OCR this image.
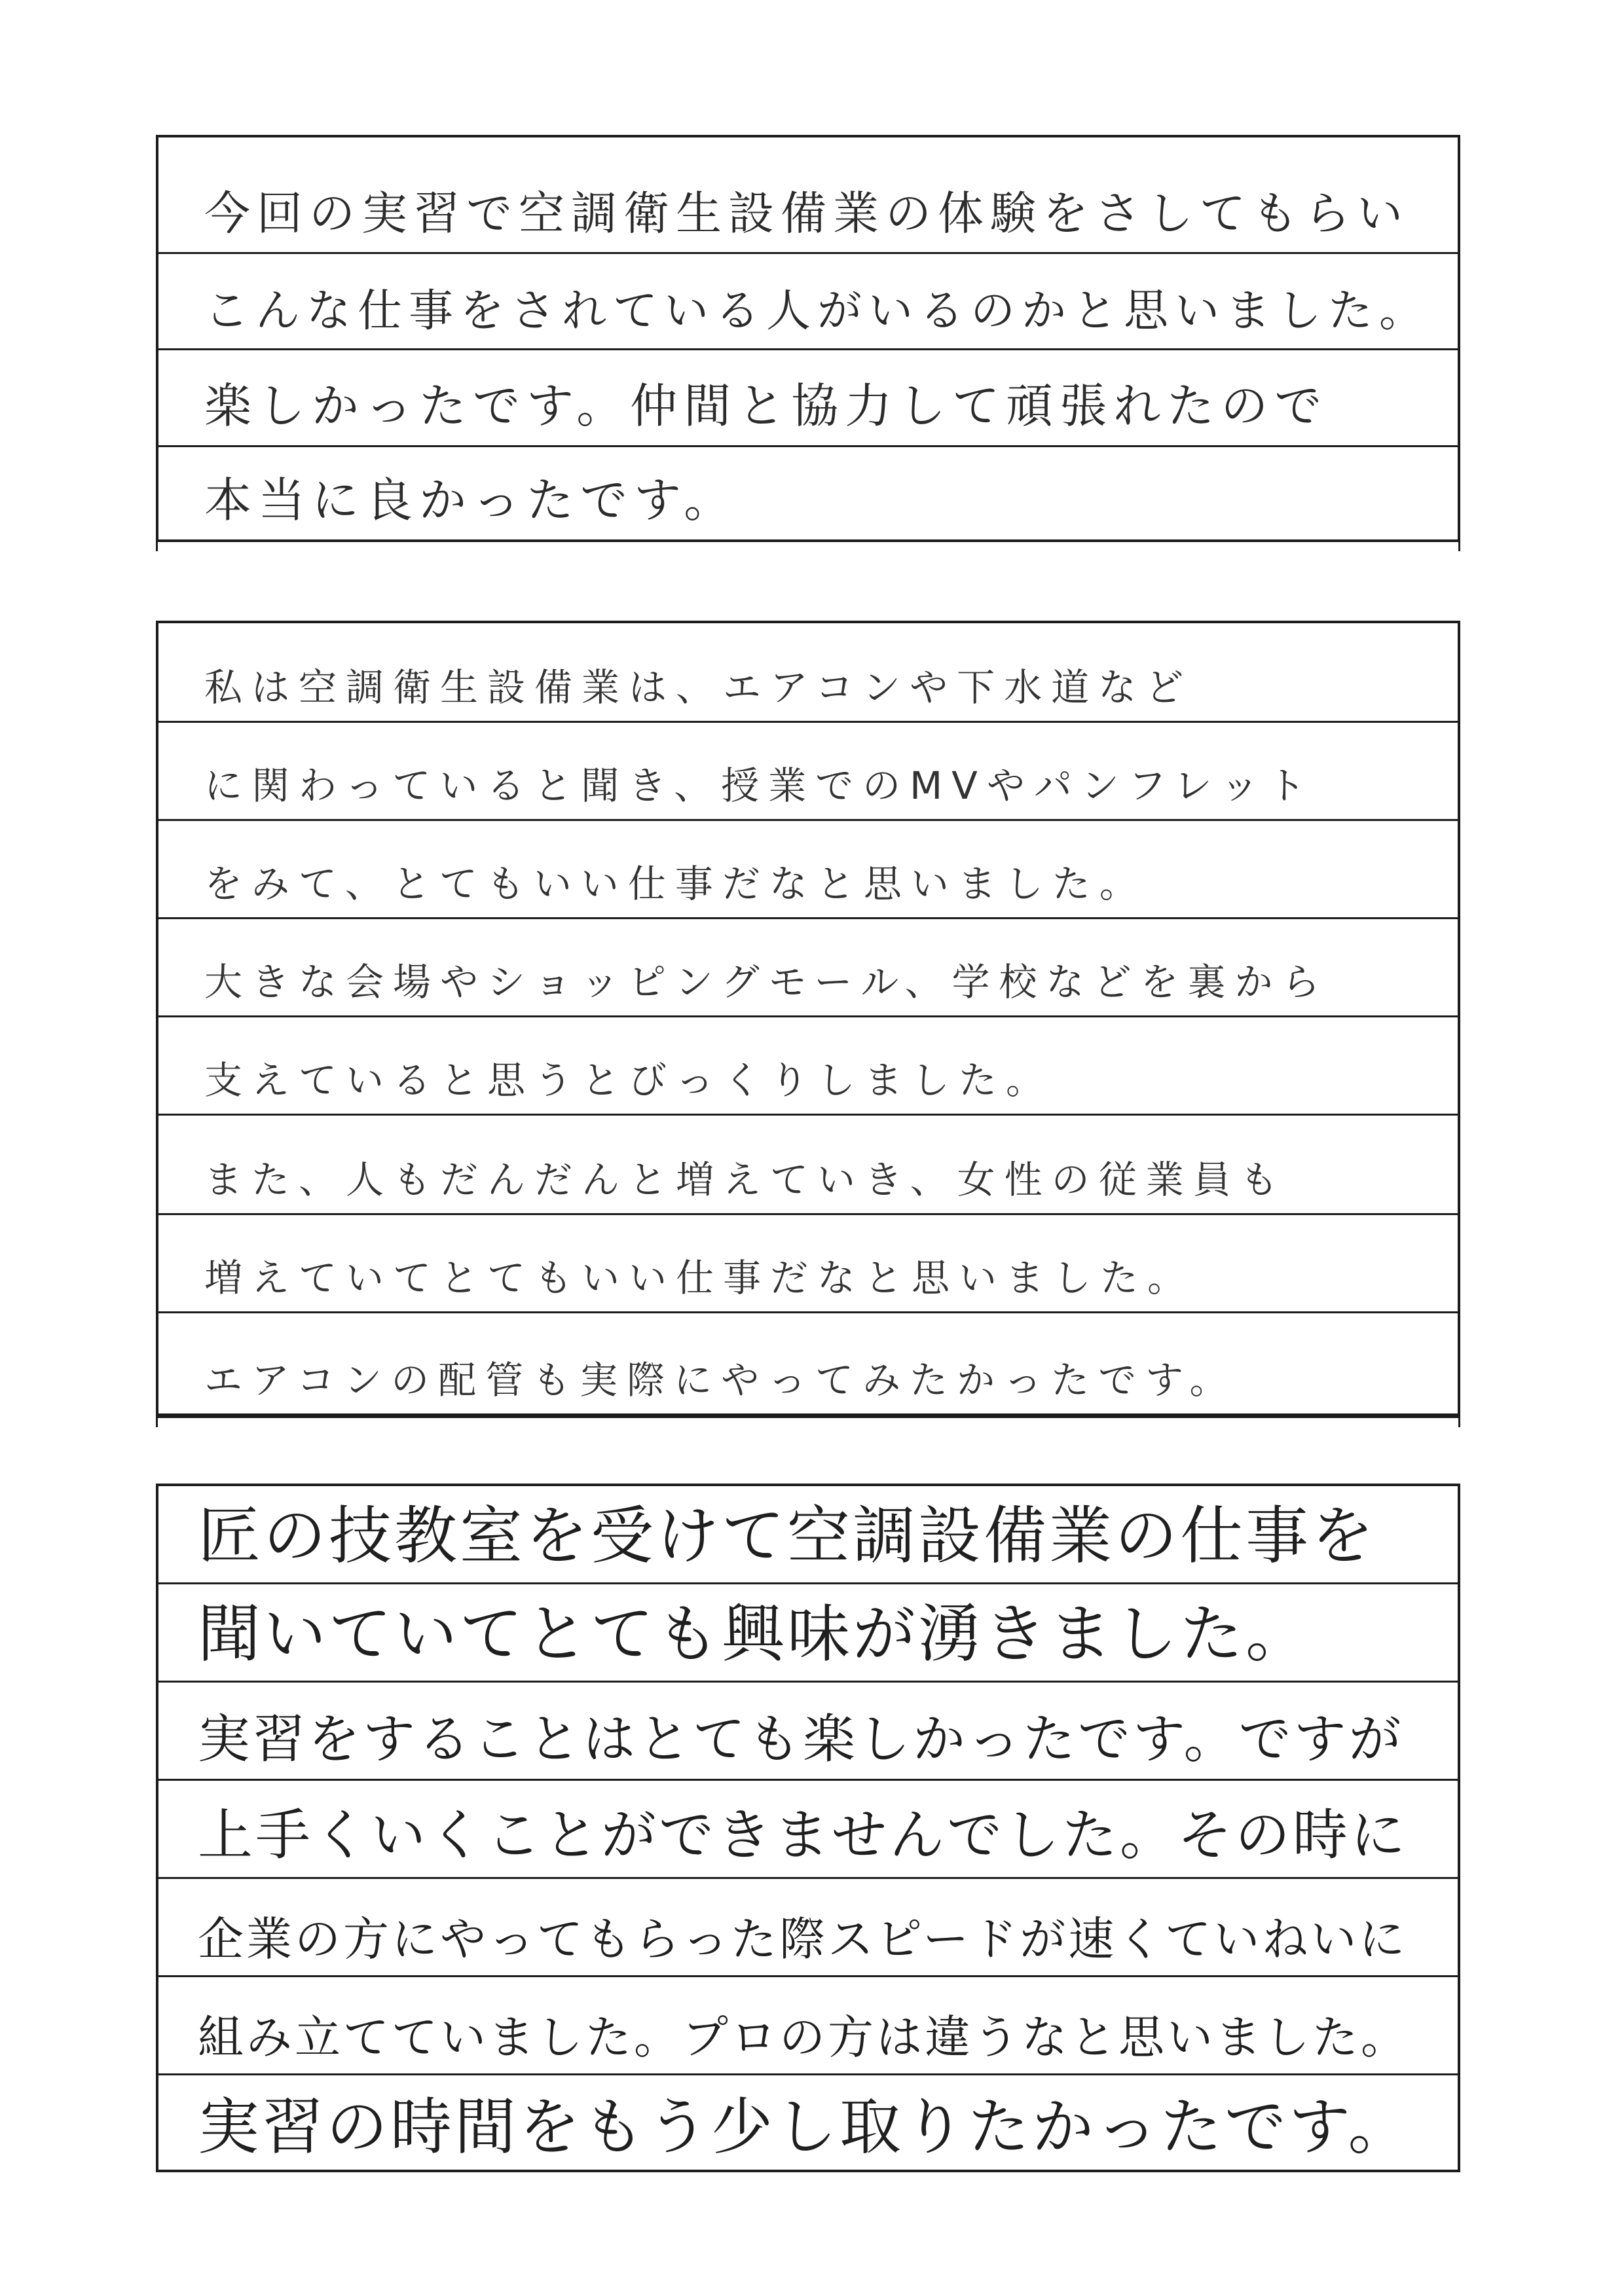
今回の実習で空調衛生設備業の体験をさしてもらい
こんな仕事をされている人がいるのかと思いました。
楽しかったです。仲間と協力して頑張れたので
本当に良かったです。
私は空調衛生設備業は、エアコンや下水道など
に関わっていると聞き、授業でのMVやパンフレット
をみて、とてもいい仕事だなと思いました。
大きな会場やショッピングモール、学校などを裏から
支えていると思うとびっくりしました。
また、人もだんだんと増えていき、女性の従業員も
増えていてとてもいい仕事だなと思いました。
エアコンの配管も実際にやってみたかったです。
匠の技教室を受けて空調設備業の仕事を
聞いていてとても興味が湧きました。
実習をすることはとても楽しかったです。ですが
上手くいくことができませんでした。その時に
企業の方にやってもらった際スピードが速くていねいに
組み立てていました。プロの方は違うなと思いました。
実習の時間をもう少し取りたかったです。
